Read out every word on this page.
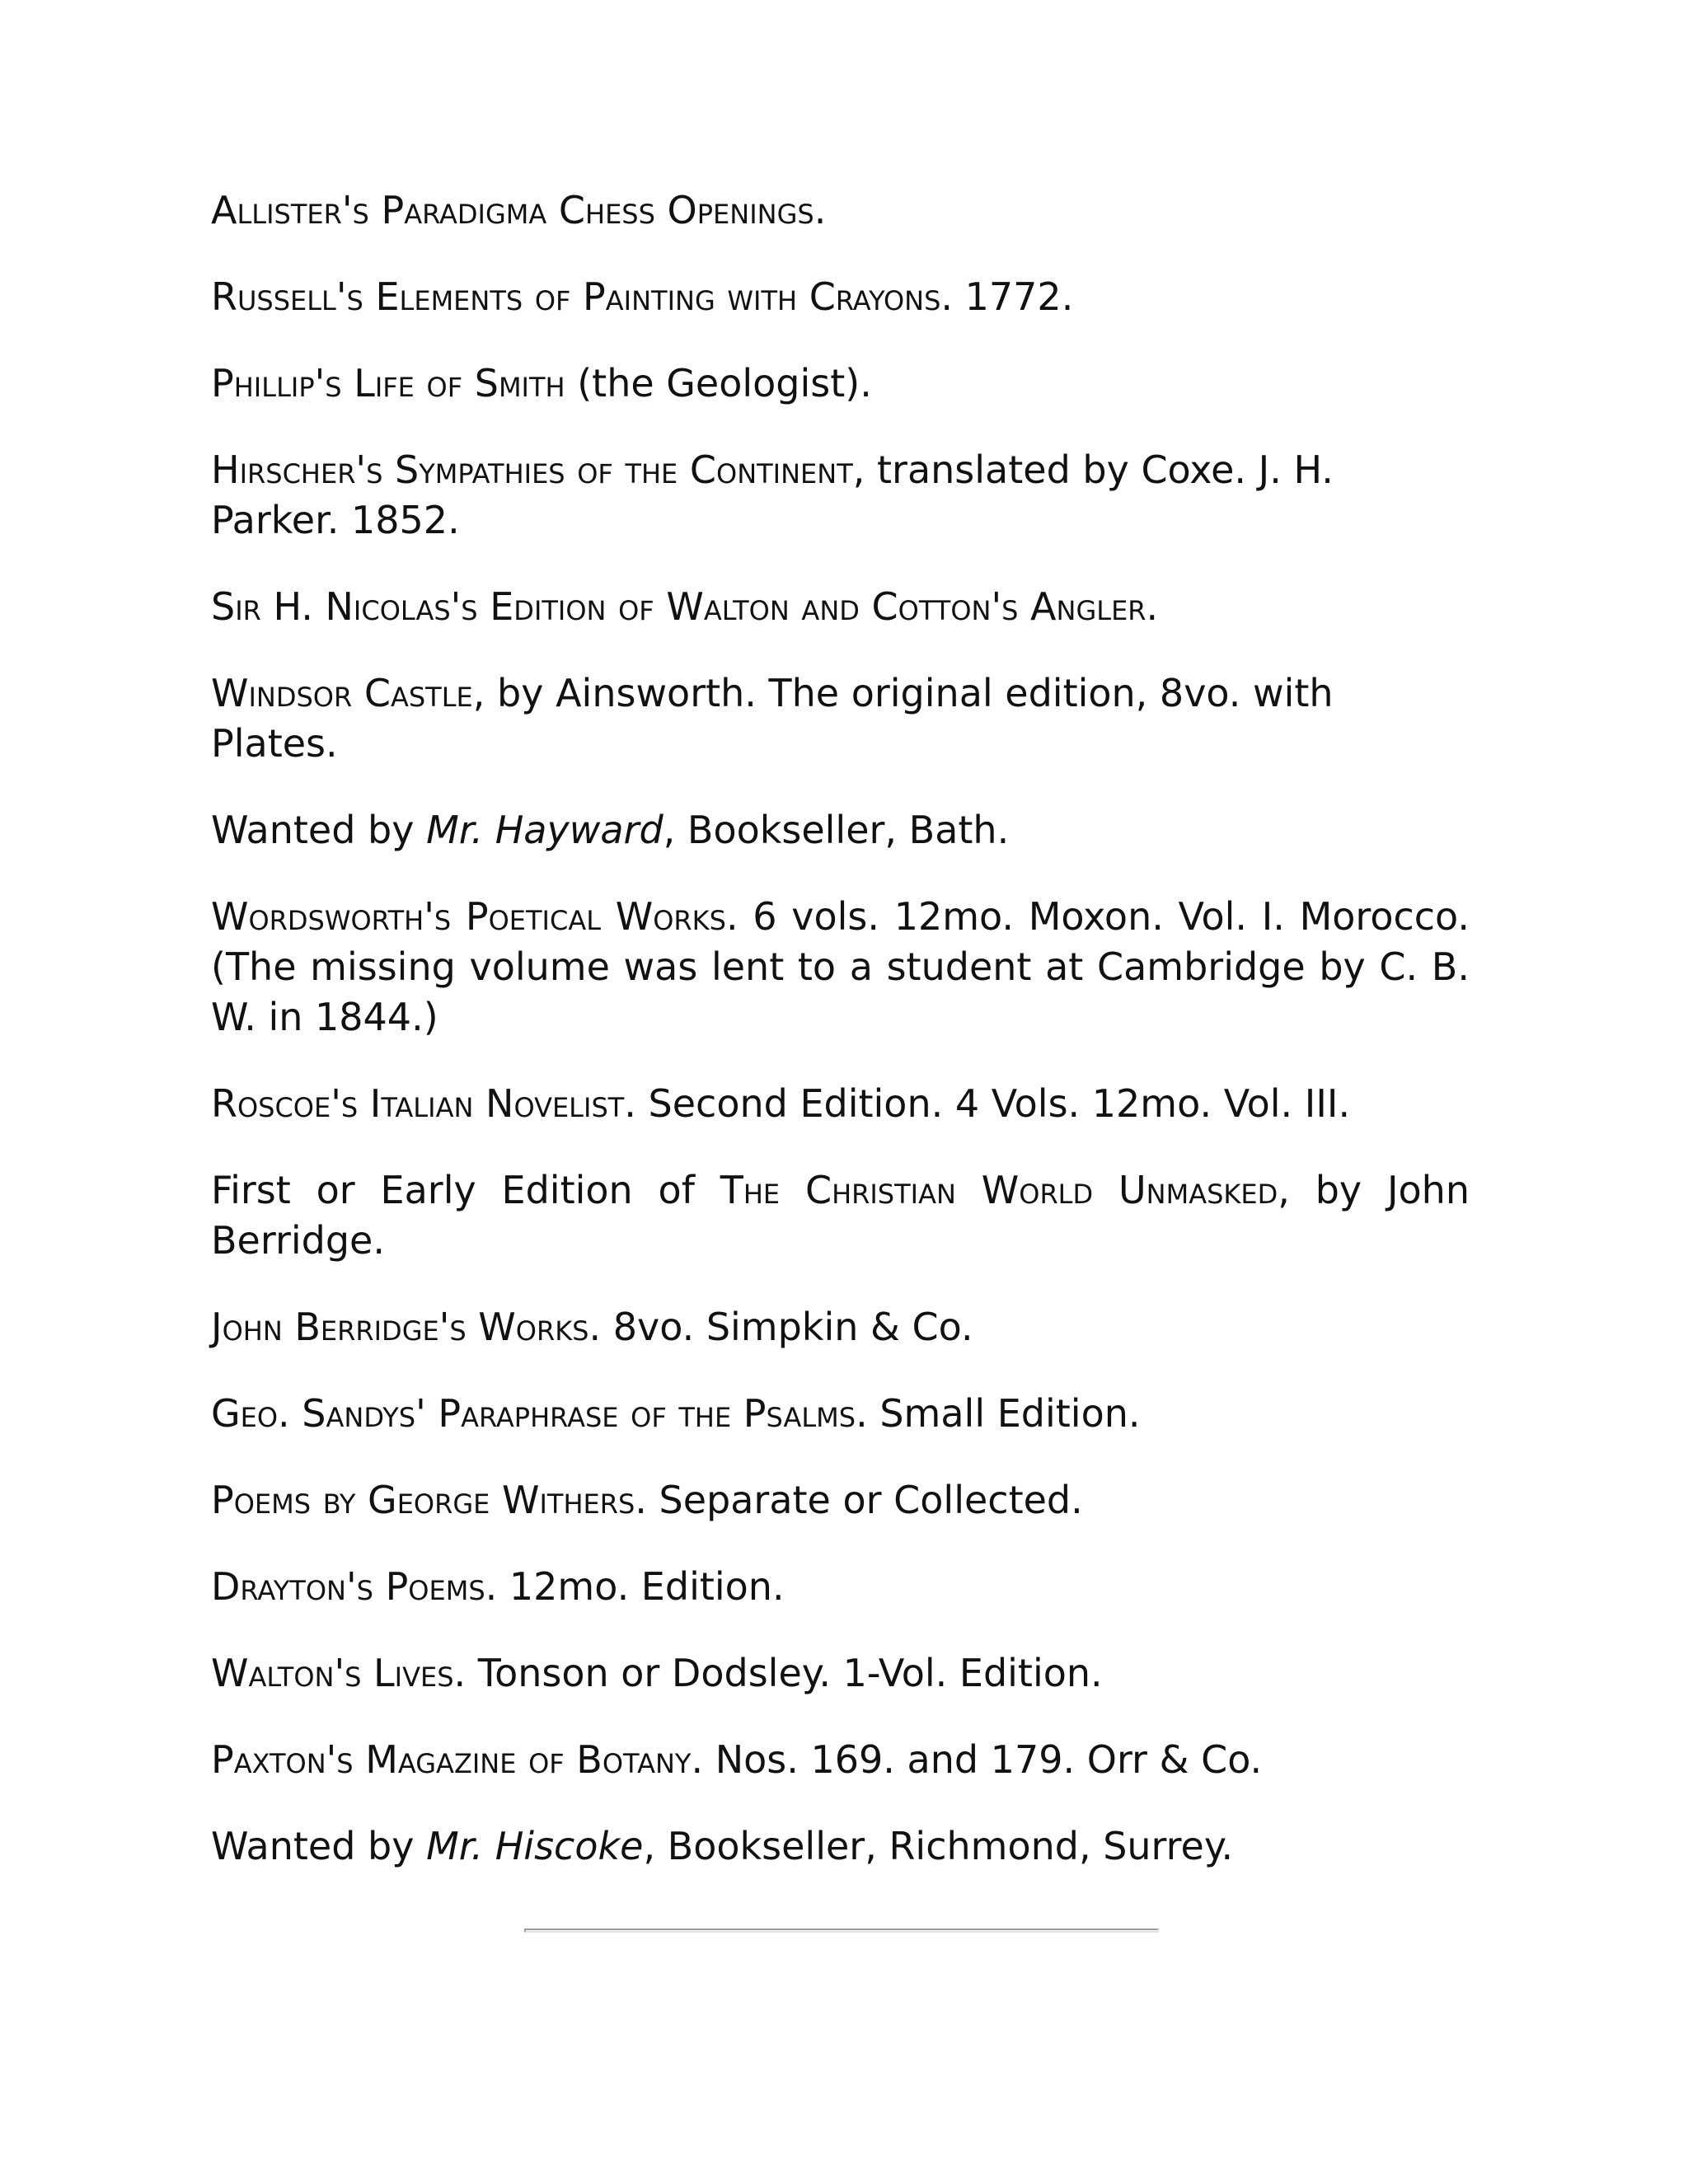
Allister's Paradigma Chess Openings.

Russell's Elements of Painting with Crayons. 1772.

Phillip's Life of Smith (the Geologist).

Hirscher's Sympathies of the Continent, translated by Coxe. J. H. Parker. 1852.

Sir H. Nicolas's Edition of Walton and Cotton's Angler.

Windsor Castle, by Ainsworth. The original edition, 8vo. with Plates.

Wanted by Mr. Hayward, Bookseller, Bath.

Wordsworth's Poetical Works. 6 vols. 12mo. Moxon. Vol. I. Morocco. (The missing volume was lent to a student at Cambridge by C. B. W. in 1844.)

Roscoe's Italian Novelist. Second Edition. 4 Vols. 12mo. Vol. III.

First or Early Edition of The Christian World Unmasked, by John Berridge.

John Berridge's Works. 8vo. Simpkin & Co.

Geo. Sandys' Paraphrase of the Psalms. Small Edition.

Poems by George Withers. Separate or Collected.

Drayton's Poems. 12mo. Edition.

Walton's Lives. Tonson or Dodsley. 1-Vol. Edition.

Paxton's Magazine of Botany. Nos. 169. and 179. Orr & Co.

Wanted by Mr. Hiscoke, Bookseller, Richmond, Surrey.
